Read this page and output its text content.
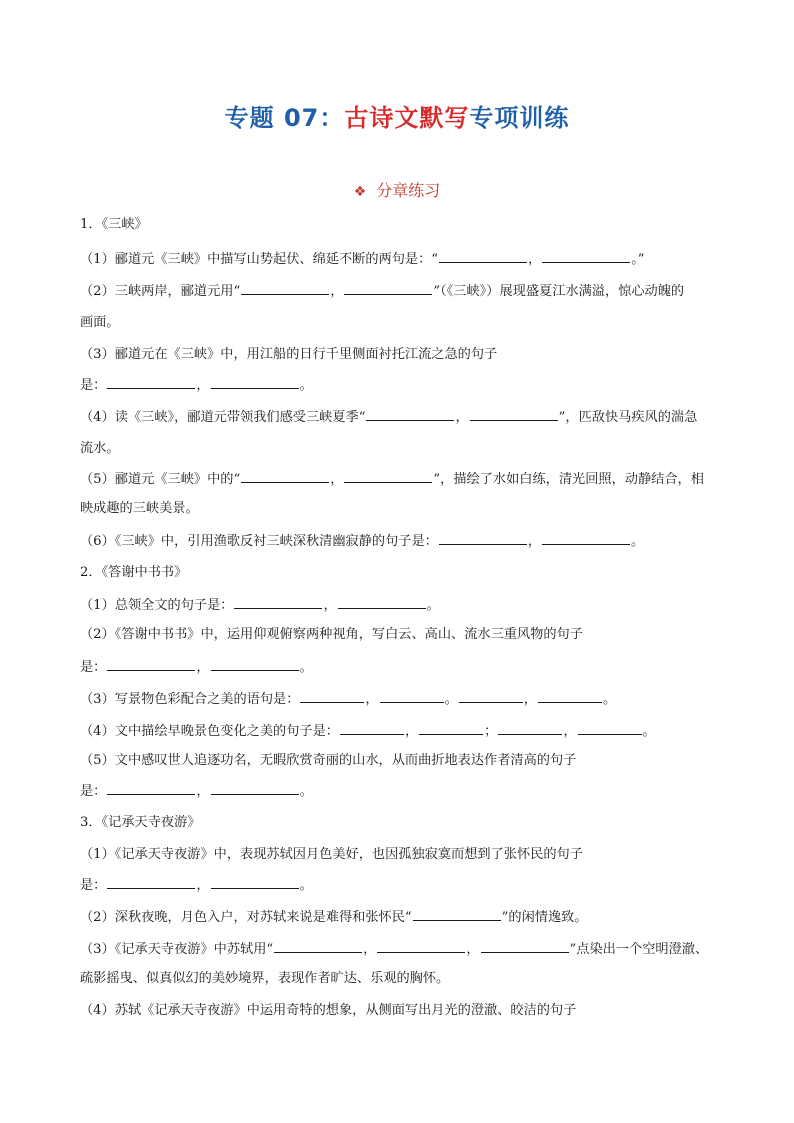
专题 07：古诗文默写专项训练
❖ 分章练习
1．《三峡》
（1）郦道元《三峡》中描写山势起伏、绵延不断的两句是：“	，	。”
（2）三峡两岸，郦道元用“	，	”（《三峡》）展现盛夏江水满溢，惊心动魄的
画面。
（3）郦道元在《三峡》中，用江船的日行千里侧面衬托江流之急的句子
是：	，	。
（4）读《三峡》，郦道元带领我们感受三峡夏季“	，	”，匹敌快马疾风的湍急
流水。
（5）郦道元《三峡》中的“	，	”，描绘了水如白练，清光回照，动静结合，相
映成趣的三峡美景。
（6）《三峡》中，引用渔歌反衬三峡深秋清幽寂静的句子是：	，	。
2．《答谢中书书》
（1）总领全文的句子是：	，	。
（2）《答谢中书书》中，运用仰观俯察两种视角，写白云、高山、流水三重风物的句子
是：	，	。
（3）写景物色彩配合之美的语句是：	，	。	，	。
（4）文中描绘早晚景色变化之美的句子是：	，	；	，	。
（5）文中感叹世人追逐功名，无暇欣赏奇丽的山水，从而曲折地表达作者清高的句子
是：	，	。
3．《记承天寺夜游》
（1）《记承天寺夜游》中，表现苏轼因月色美好，也因孤独寂寞而想到了张怀民的句子
是：	，	。
（2）深秋夜晚，月色入户，对苏轼来说是难得和张怀民“	”的闲情逸致。
（3）《记承天寺夜游》中苏轼用“	，	，	”点染出一个空明澄澈、
疏影摇曳、似真似幻的美妙境界，表现作者旷达、乐观的胸怀。
（4）苏轼《记承天寺夜游》中运用奇特的想象，从侧面写出月光的澄澈、皎洁的句子
